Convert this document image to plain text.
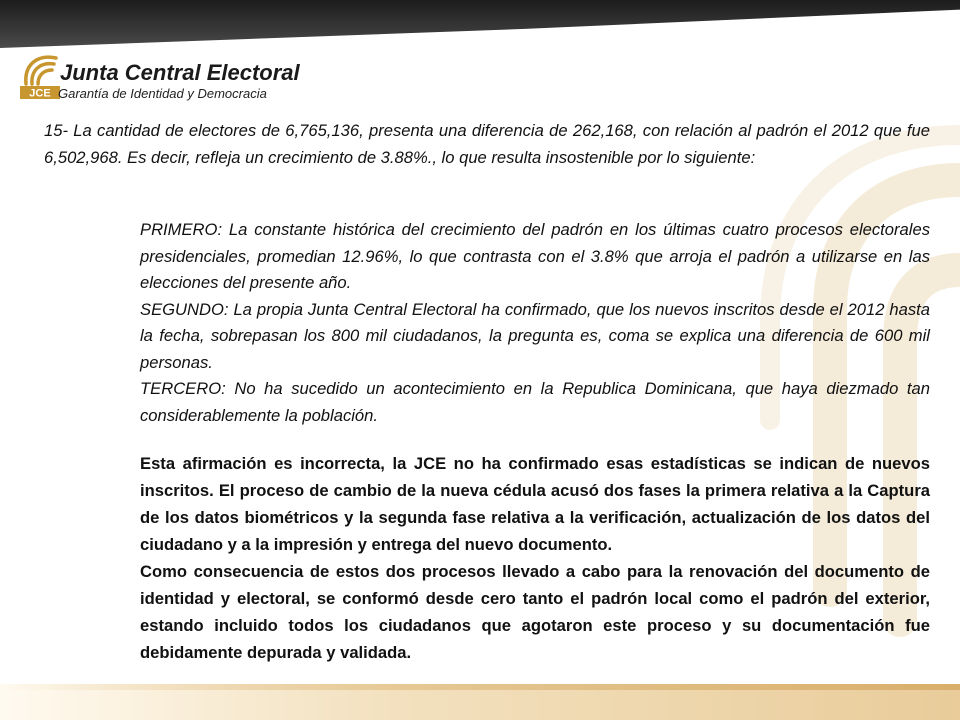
JCE
Junta Central Electoral
Garantía de Identidad y Democracia

15- La cantidad de electores de 6,765,136, presenta una diferencia de 262,168, con relación al padrón el 2012 que fue 6,502,968. Es decir, refleja un crecimiento de 3.88%., lo que resulta insostenible por lo siguiente:

PRIMERO: La constante histórica del crecimiento del padrón en los últimas cuatro procesos electorales presidenciales, promedian 12.96%, lo que contrasta con el 3.8% que arroja el padrón a utilizarse en las elecciones del presente año.

SEGUNDO: La propia Junta Central Electoral ha confirmado, que los nuevos inscritos desde el 2012 hasta la fecha, sobrepasan los 800 mil ciudadanos, la pregunta es, coma se explica una diferencia de 600 mil personas.

TERCERO: No ha sucedido un acontecimiento en la Republica Dominicana, que haya diezmado tan considerablemente la población.

Esta afirmación es incorrecta, la JCE no ha confirmado esas estadísticas se indican de nuevos inscritos. El proceso de cambio de la nueva cédula acusó dos fases la primera relativa a la Captura de los datos biométricos y la segunda fase relativa a la verificación, actualización de los datos del ciudadano y a la impresión y entrega del nuevo documento.

Como consecuencia de estos dos procesos llevado a cabo para la renovación del documento de identidad y electoral, se conformó desde cero tanto el padrón local como el padrón del exterior, estando incluido todos los ciudadanos que agotaron este proceso y su documentación fue debidamente depurada y validada.
